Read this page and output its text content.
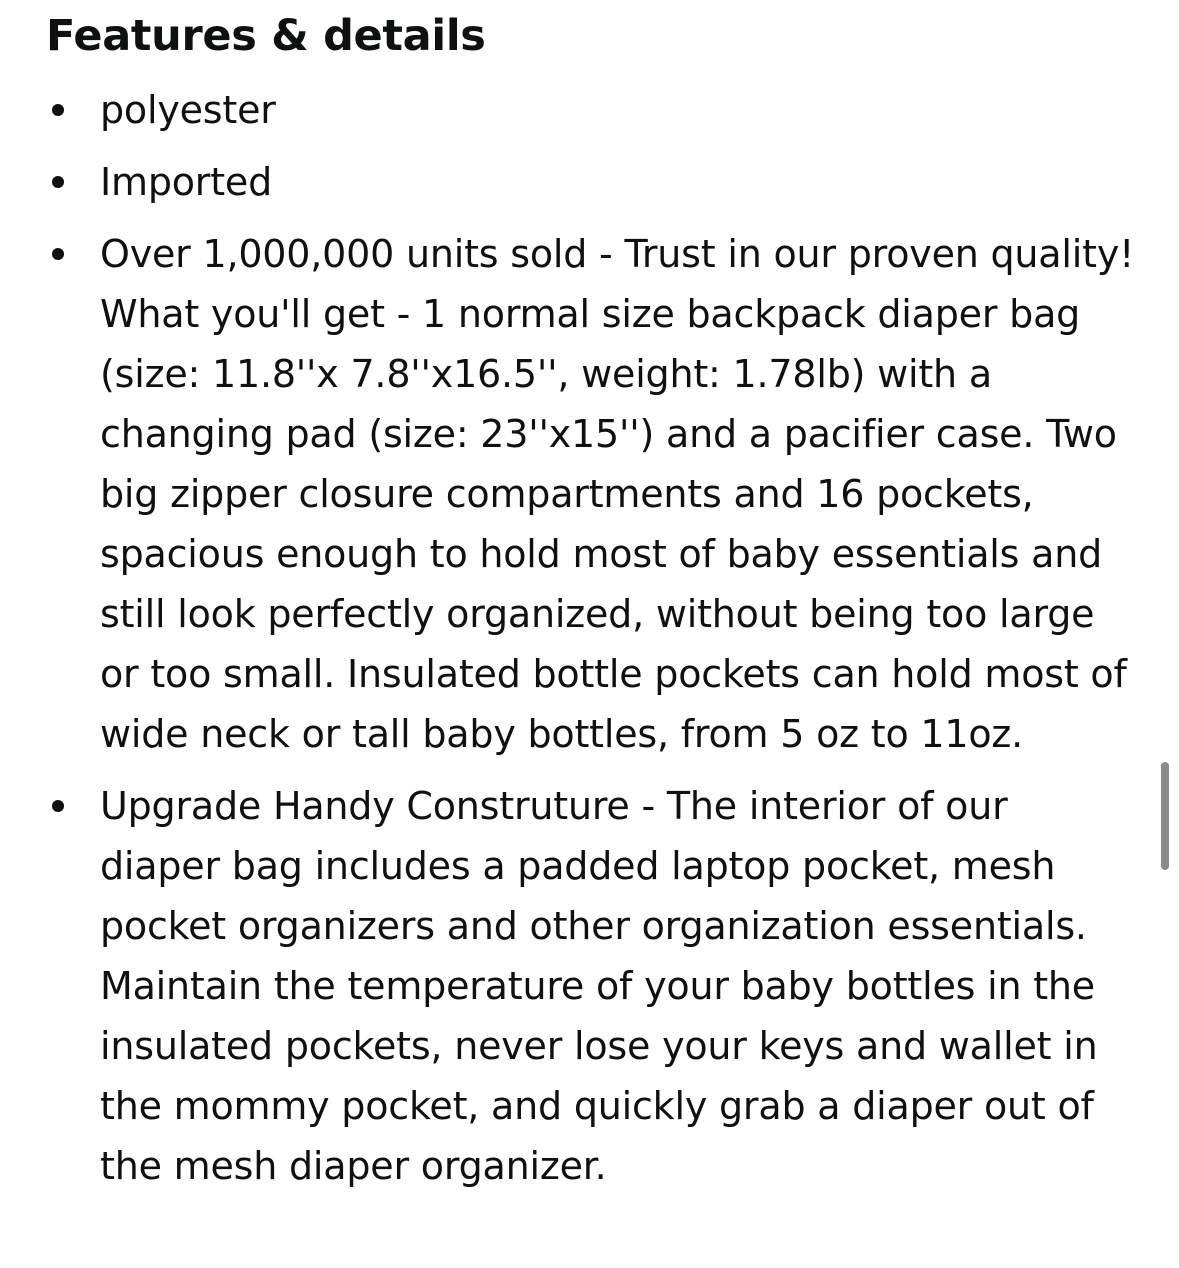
Features & details
polyester
Imported
Over 1,000,000 units sold - Trust in our proven quality! What you'll get - 1 normal size backpack diaper bag (size: 11.8''x 7.8''x16.5'', weight: 1.78lb) with a changing pad (size: 23''x15'') and a pacifier case. Two big zipper closure compartments and 16 pockets, spacious enough to hold most of baby essentials and still look perfectly organized, without being too large or too small. Insulated bottle pockets can hold most of wide neck or tall baby bottles, from 5 oz to 11oz.
Upgrade Handy Construture - The interior of our diaper bag includes a padded laptop pocket, mesh pocket organizers and other organization essentials. Maintain the temperature of your baby bottles in the insulated pockets, never lose your keys and wallet in the mommy pocket, and quickly grab a diaper out of the mesh diaper organizer.
